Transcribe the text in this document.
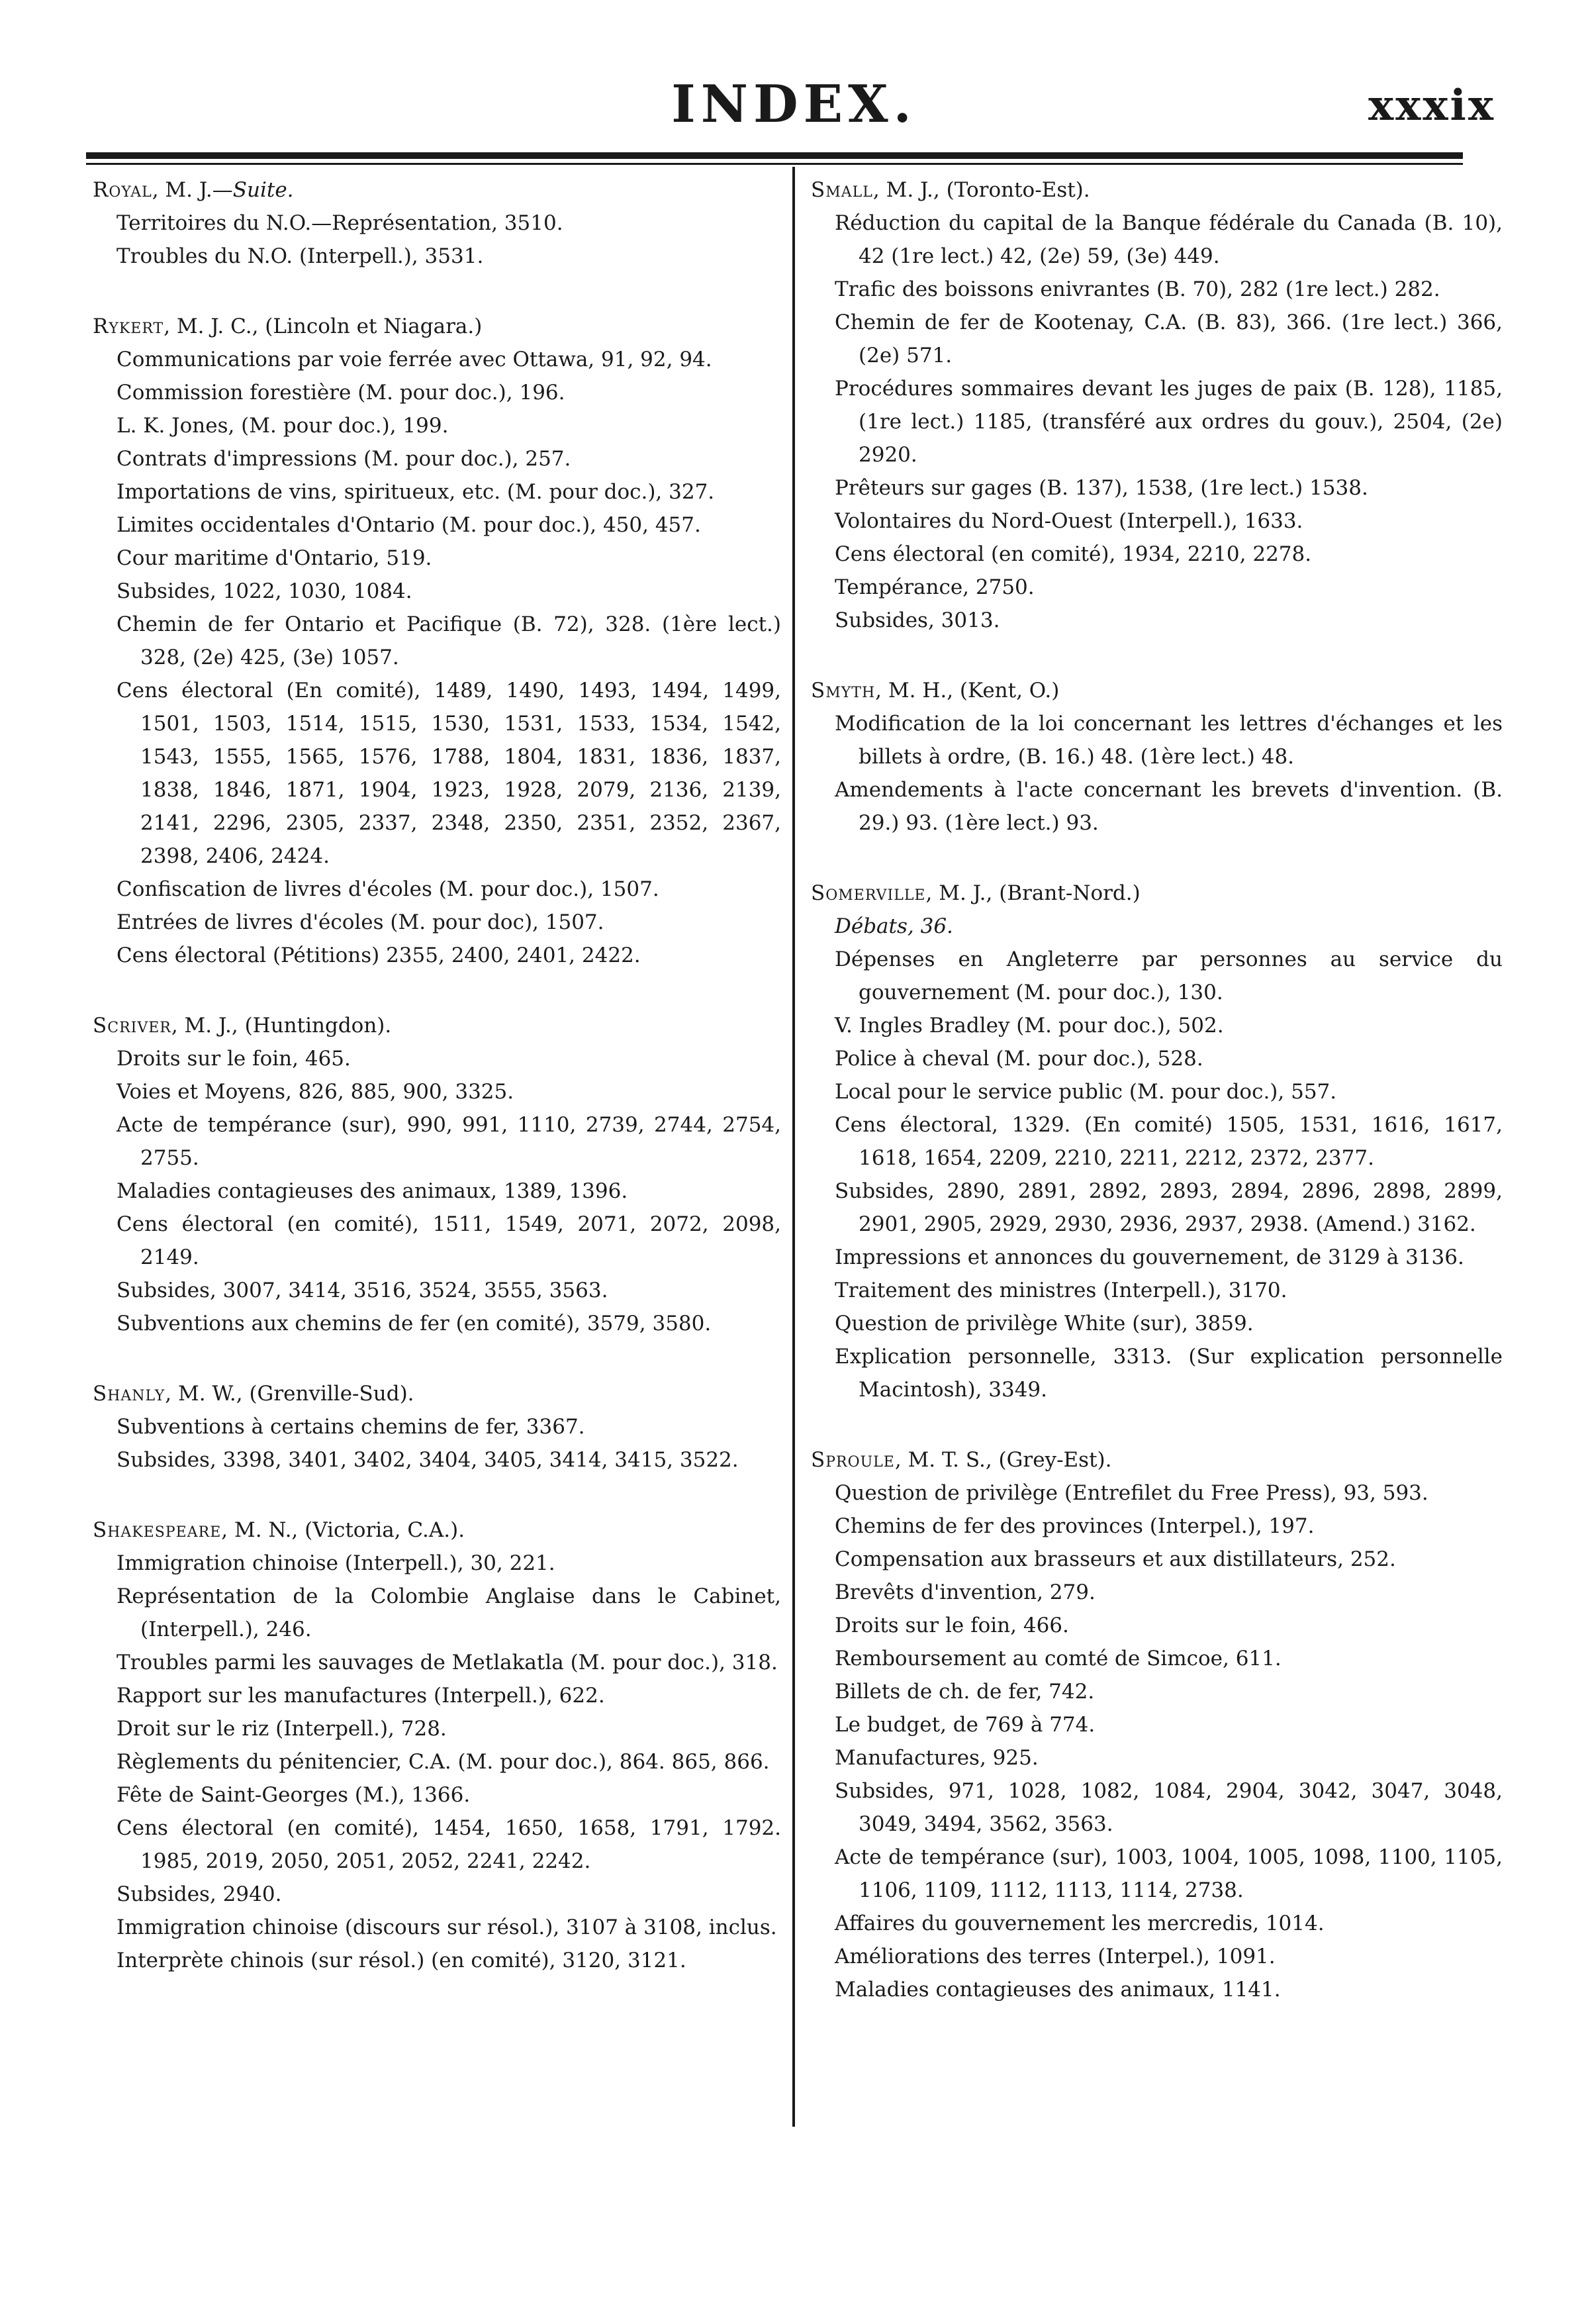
INDEX.	xxxix
Royal, M. J.—Suite.
Territoires du N.O.—Représentation, 3510.
Troubles du N.O. (Interpell.), 3531.
Rykert, M. J. C., (Lincoln et Niagara.)
Communications par voie ferrée avec Ottawa, 91, 92, 94.
Commission forestière (M. pour doc.), 196.
L. K. Jones, (M. pour doc.), 199.
Contrats d'impressions (M. pour doc.), 257.
Importations de vins, spiritueux, etc. (M. pour doc.), 327.
Limites occidentales d'Ontario (M. pour doc.), 450, 457.
Cour maritime d'Ontario, 519.
Subsides, 1022, 1030, 1084.
Chemin de fer Ontario et Pacifique (B. 72), 328. (1ère lect.) 328, (2e) 425, (3e) 1057.
Cens électoral (En comité), 1489, 1490, 1493, 1494, 1499, 1501, 1503, 1514, 1515, 1530, 1531, 1533, 1534, 1542, 1543, 1555, 1565, 1576, 1788, 1804, 1831, 1836, 1837, 1838, 1846, 1871, 1904, 1923, 1928, 2079, 2136, 2139, 2141, 2296, 2305, 2337, 2348, 2350, 2351, 2352, 2367, 2398, 2406, 2424.
Confiscation de livres d'écoles (M. pour doc.), 1507.
Entrées de livres d'écoles (M. pour doc), 1507.
Cens électoral (Pétitions) 2355, 2400, 2401, 2422.
Scriver, M. J., (Huntingdon).
Droits sur le foin, 465.
Voies et Moyens, 826, 885, 900, 3325.
Acte de tempérance (sur), 990, 991, 1110, 2739, 2744, 2754, 2755.
Maladies contagieuses des animaux, 1389, 1396.
Cens électoral (en comité), 1511, 1549, 2071, 2072, 2098, 2149.
Subsides, 3007, 3414, 3516, 3524, 3555, 3563.
Subventions aux chemins de fer (en comité), 3579, 3580.
Shanly, M. W., (Grenville-Sud).
Subventions à certains chemins de fer, 3367.
Subsides, 3398, 3401, 3402, 3404, 3405, 3414, 3415, 3522.
Shakespeare, M. N., (Victoria, C.A.).
Immigration chinoise (Interpell.), 30, 221.
Représentation de la Colombie Anglaise dans le Cabinet, (Interpell.), 246.
Troubles parmi les sauvages de Metlakatla (M. pour doc.), 318.
Rapport sur les manufactures (Interpell.), 622.
Droit sur le riz (Interpell.), 728.
Règlements du pénitencier, C.A. (M. pour doc.), 864. 865, 866.
Fête de Saint-Georges (M.), 1366.
Cens électoral (en comité), 1454, 1650, 1658, 1791, 1792. 1985, 2019, 2050, 2051, 2052, 2241, 2242.
Subsides, 2940.
Immigration chinoise (discours sur résol.), 3107 à 3108, inclus.
Interprète chinois (sur résol.) (en comité), 3120, 3121.
Small, M. J., (Toronto-Est).
Réduction du capital de la Banque fédérale du Canada (B. 10), 42 (1re lect.) 42, (2e) 59, (3e) 449.
Trafic des boissons enivrantes (B. 70), 282 (1re lect.) 282.
Chemin de fer de Kootenay, C.A. (B. 83), 366. (1re lect.) 366, (2e) 571.
Procédures sommaires devant les juges de paix (B. 128), 1185, (1re lect.) 1185, (transféré aux ordres du gouv.), 2504, (2e) 2920.
Prêteurs sur gages (B. 137), 1538, (1re lect.) 1538.
Volontaires du Nord-Ouest (Interpell.), 1633.
Cens électoral (en comité), 1934, 2210, 2278.
Tempérance, 2750.
Subsides, 3013.
Smyth, M. H., (Kent, O.)
Modification de la loi concernant les lettres d'échanges et les billets à ordre, (B. 16.) 48. (1ère lect.) 48.
Amendements à l'acte concernant les brevets d'invention. (B. 29.) 93. (1ère lect.) 93.
Somerville, M. J., (Brant-Nord.)
Débats, 36.
Dépenses en Angleterre par personnes au service du gouvernement (M. pour doc.), 130.
V. Ingles Bradley (M. pour doc.), 502.
Police à cheval (M. pour doc.), 528.
Local pour le service public (M. pour doc.), 557.
Cens électoral, 1329. (En comité) 1505, 1531, 1616, 1617, 1618, 1654, 2209, 2210, 2211, 2212, 2372, 2377.
Subsides, 2890, 2891, 2892, 2893, 2894, 2896, 2898, 2899, 2901, 2905, 2929, 2930, 2936, 2937, 2938. (Amend.) 3162.
Impressions et annonces du gouvernement, de 3129 à 3136.
Traitement des ministres (Interpell.), 3170.
Question de privilège White (sur), 3859.
Explication personnelle, 3313. (Sur explication personnelle Macintosh), 3349.
Sproule, M. T. S., (Grey-Est).
Question de privilège (Entrefilet du Free Press), 93, 593.
Chemins de fer des provinces (Interpel.), 197.
Compensation aux brasseurs et aux distillateurs, 252.
Brevêts d'invention, 279.
Droits sur le foin, 466.
Remboursement au comté de Simcoe, 611.
Billets de ch. de fer, 742.
Le budget, de 769 à 774.
Manufactures, 925.
Subsides, 971, 1028, 1082, 1084, 2904, 3042, 3047, 3048, 3049, 3494, 3562, 3563.
Acte de tempérance (sur), 1003, 1004, 1005, 1098, 1100, 1105, 1106, 1109, 1112, 1113, 1114, 2738.
Affaires du gouvernement les mercredis, 1014.
Améliorations des terres (Interpel.), 1091.
Maladies contagieuses des animaux, 1141.
